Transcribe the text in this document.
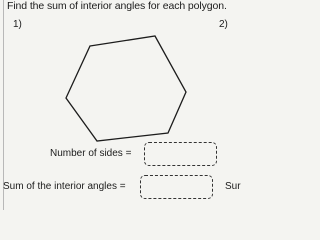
Find the sum of interior angles for each polygon.
1)	2)
Number of sides =
Sum of the interior angles =	Sur
